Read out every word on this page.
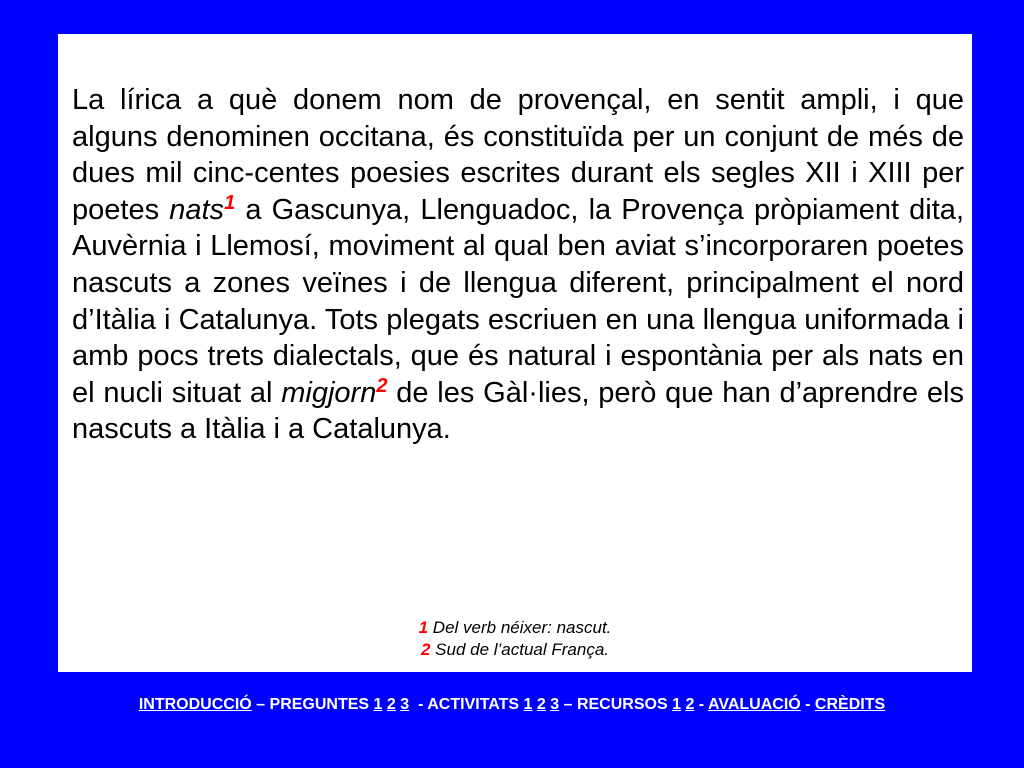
La lírica a què donem nom de provençal, en sentit ampli, i que alguns denominen occitana, és constituïda per un conjunt de més de dues mil cinc-centes poesies escrites durant els segles XII i XIII per poetes nats$^1$ a Gascunya, Llenguadoc, la Provença pròpiament dita, Auvèrnia i Llemosí, moviment al qual ben aviat s’incorporaren poetes nascuts a zones veïnes i de llengua diferent, principalment el nord d’Itàlia i Catalunya. Tots plegats escriuen en una llengua uniformada i amb pocs trets dialectals, que és natural i espontània per als nats en el nucli situat al migjorn$^2$ de les Gàl·lies, però que han d’aprendre els nascuts a Itàlia i a Catalunya.

1 Del verb néixer: nascut.
2 Sud de l’actual França.
INTRODUCCIÓ – PREGUNTES 1 2 3  - ACTIVITATS 1 2 3 – RECURSOS 1 2 - AVALUACIÓ - CRÈDITS
